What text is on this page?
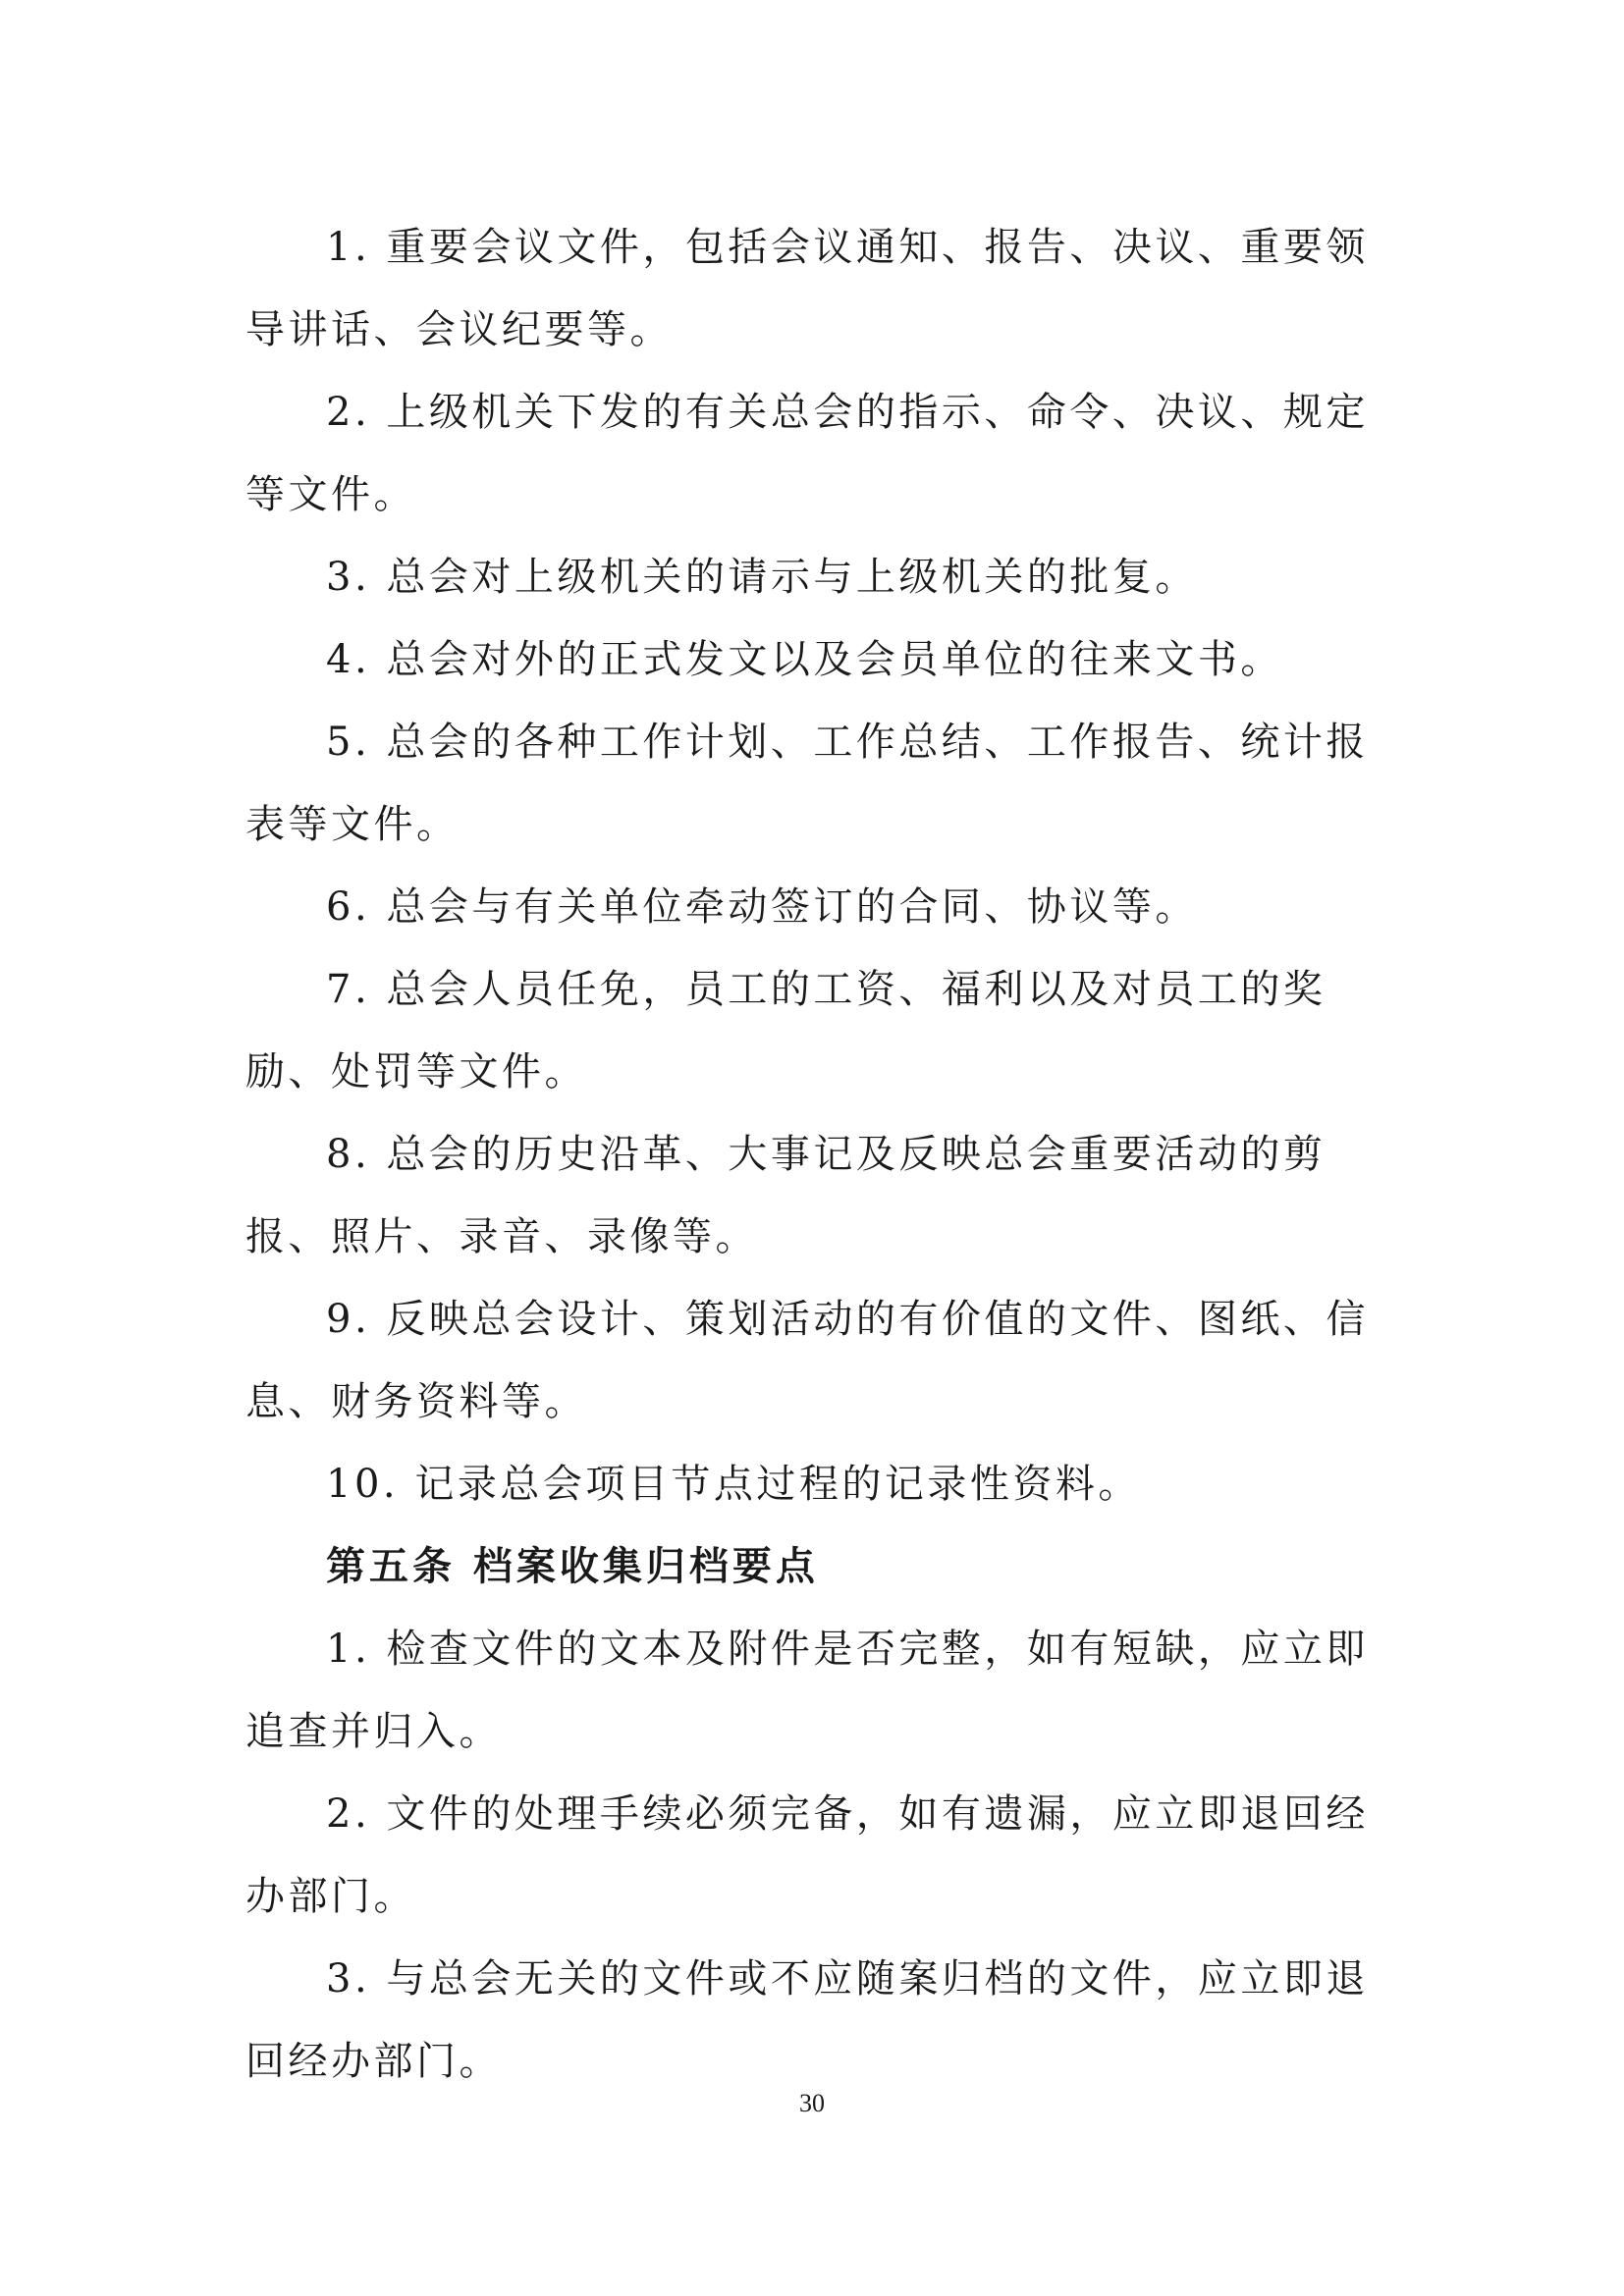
1. 重要会议文件，包括会议通知、报告、决议、重要领导讲话、会议纪要等。

2. 上级机关下发的有关总会的指示、命令、决议、规定等文件。

3. 总会对上级机关的请示与上级机关的批复。

4. 总会对外的正式发文以及会员单位的往来文书。

5. 总会的各种工作计划、工作总结、工作报告、统计报表等文件。

6. 总会与有关单位牵动签订的合同、协议等。

7. 总会人员任免，员工的工资、福利以及对员工的奖励、处罚等文件。

8. 总会的历史沿革、大事记及反映总会重要活动的剪报、照片、录音、录像等。

9. 反映总会设计、策划活动的有价值的文件、图纸、信息、财务资料等。

10. 记录总会项目节点过程的记录性资料。

第五条 档案收集归档要点

1. 检查文件的文本及附件是否完整，如有短缺，应立即追查并归入。

2. 文件的处理手续必须完备，如有遗漏，应立即退回经办部门。

3. 与总会无关的文件或不应随案归档的文件，应立即退回经办部门。

30
